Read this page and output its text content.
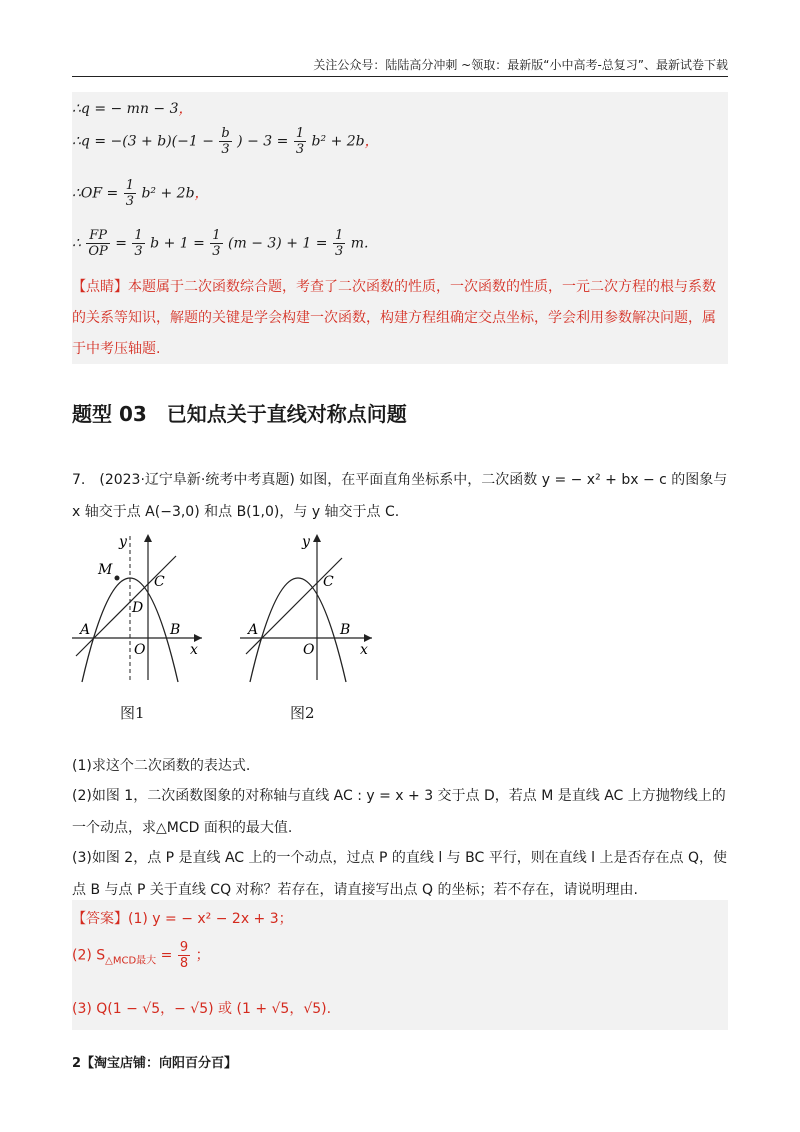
关注公众号：陆陆高分冲刺 ~领取：最新版“小中高考-总复习”、最新试卷下载
∴q = − mn − 3，
∴q = $-(3 + b)(-1 - \frac{b}{3}$ ) − $3 = \frac{1}{3} b^2 + 2b$，
∴OF = $\frac{1}{3} b^2 + 2b$，
∴ $\frac{FP}{OP} = \frac{1}{3}$ $b + 1 = \frac{1}{3} (m - 3) + 1 = \frac{1}{3} m$.
【点睛】本题属于二次函数综合题，考查了二次函数的性质，一次函数的性质，一元二次方程的根与系数的关系等知识，解题的关键是学会构建一次函数，构建方程组确定交点坐标，学会利用参数解决问题，属于中考压轴题.
题型 03　已知点关于直线对称点问题
7.　(2023·辽宁阜新·统考中考真题) 如图，在平面直角坐标系中，二次函数 y = − x² + bx − c 的图象与 x 轴交于点 A(−3,0) 和点 B(1,0)，与 y 轴交于点 C.
y
x
M
C
D
A	B
O
y
x
C
A	B
O
图1	图2
(1)求这个二次函数的表达式.
(2)如图 1，二次函数图象的对称轴与直线 AC : y = x + 3 交于点 D，若点 M 是直线 AC 上方抛物线上的一个动点，求△MCD 面积的最大值.
(3)如图 2，点 P 是直线 AC 上的一个动点，过点 P 的直线 l 与 BC 平行，则在直线 l 上是否存在点 Q，使点 B 与点 P 关于直线 CQ 对称？若存在，请直接写出点 Q 的坐标；若不存在，请说明理由.
【答案】(1) y = − x² − 2x + 3；
(2) $S_{\triangle MCD最大} = \frac{9}{8}$ ；
(3) Q(1 − √5，− √5) 或 (1 + √5，√5).
2【淘宝店铺：向阳百分百】
